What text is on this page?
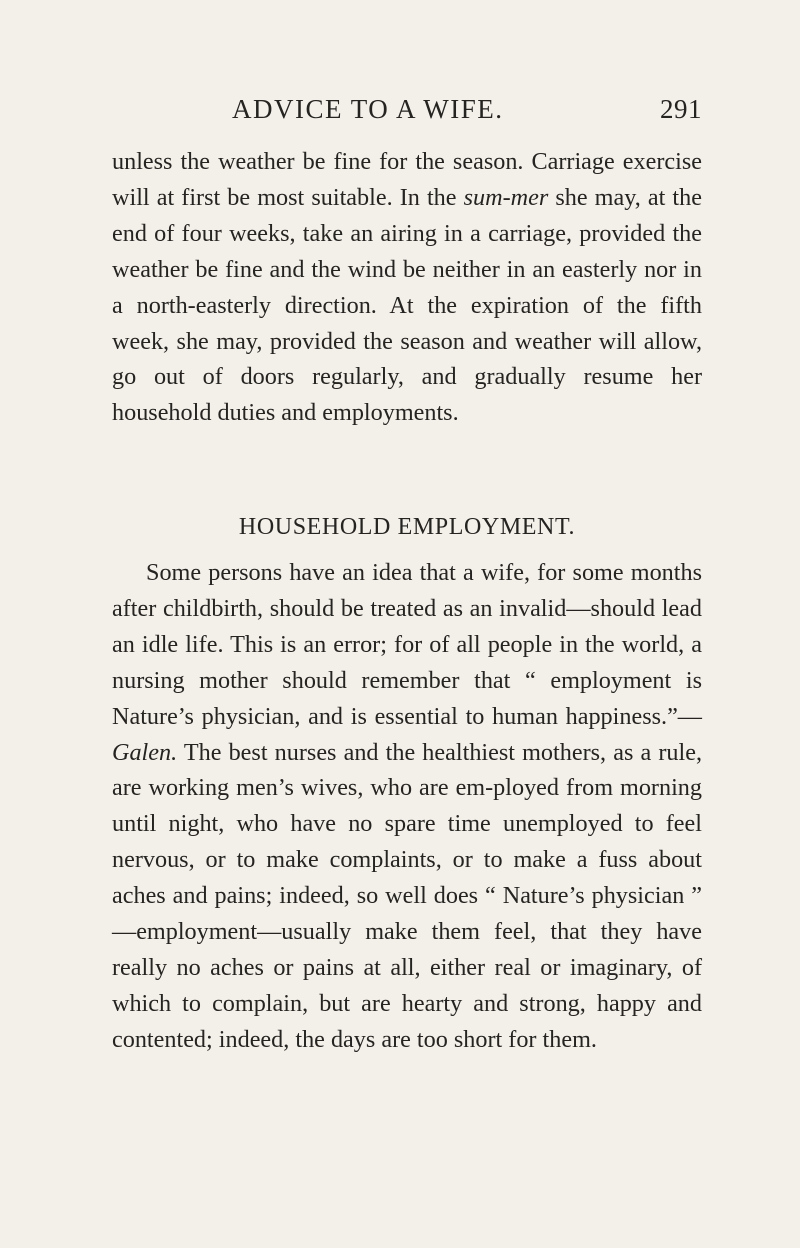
ADVICE TO A WIFE.	291

unless the weather be fine for the season. Carriage exercise will at first be most suitable. In the sum-mer she may, at the end of four weeks, take an airing in a carriage, provided the weather be fine and the wind be neither in an easterly nor in a north-easterly direction. At the expiration of the fifth week, she may, provided the season and weather will allow, go out of doors regularly, and gradually resume her household duties and employments.

HOUSEHOLD EMPLOYMENT.

Some persons have an idea that a wife, for some months after childbirth, should be treated as an invalid—should lead an idle life. This is an error; for of all people in the world, a nursing mother should remember that “ employment is Nature’s physician, and is essential to human happiness.”— Galen. The best nurses and the healthiest mothers, as a rule, are working men’s wives, who are em-ployed from morning until night, who have no spare time unemployed to feel nervous, or to make complaints, or to make a fuss about aches and pains; indeed, so well does “ Nature’s physician ” —employment—usually make them feel, that they have really no aches or pains at all, either real or imaginary, of which to complain, but are hearty and strong, happy and contented; indeed, the days are too short for them.
